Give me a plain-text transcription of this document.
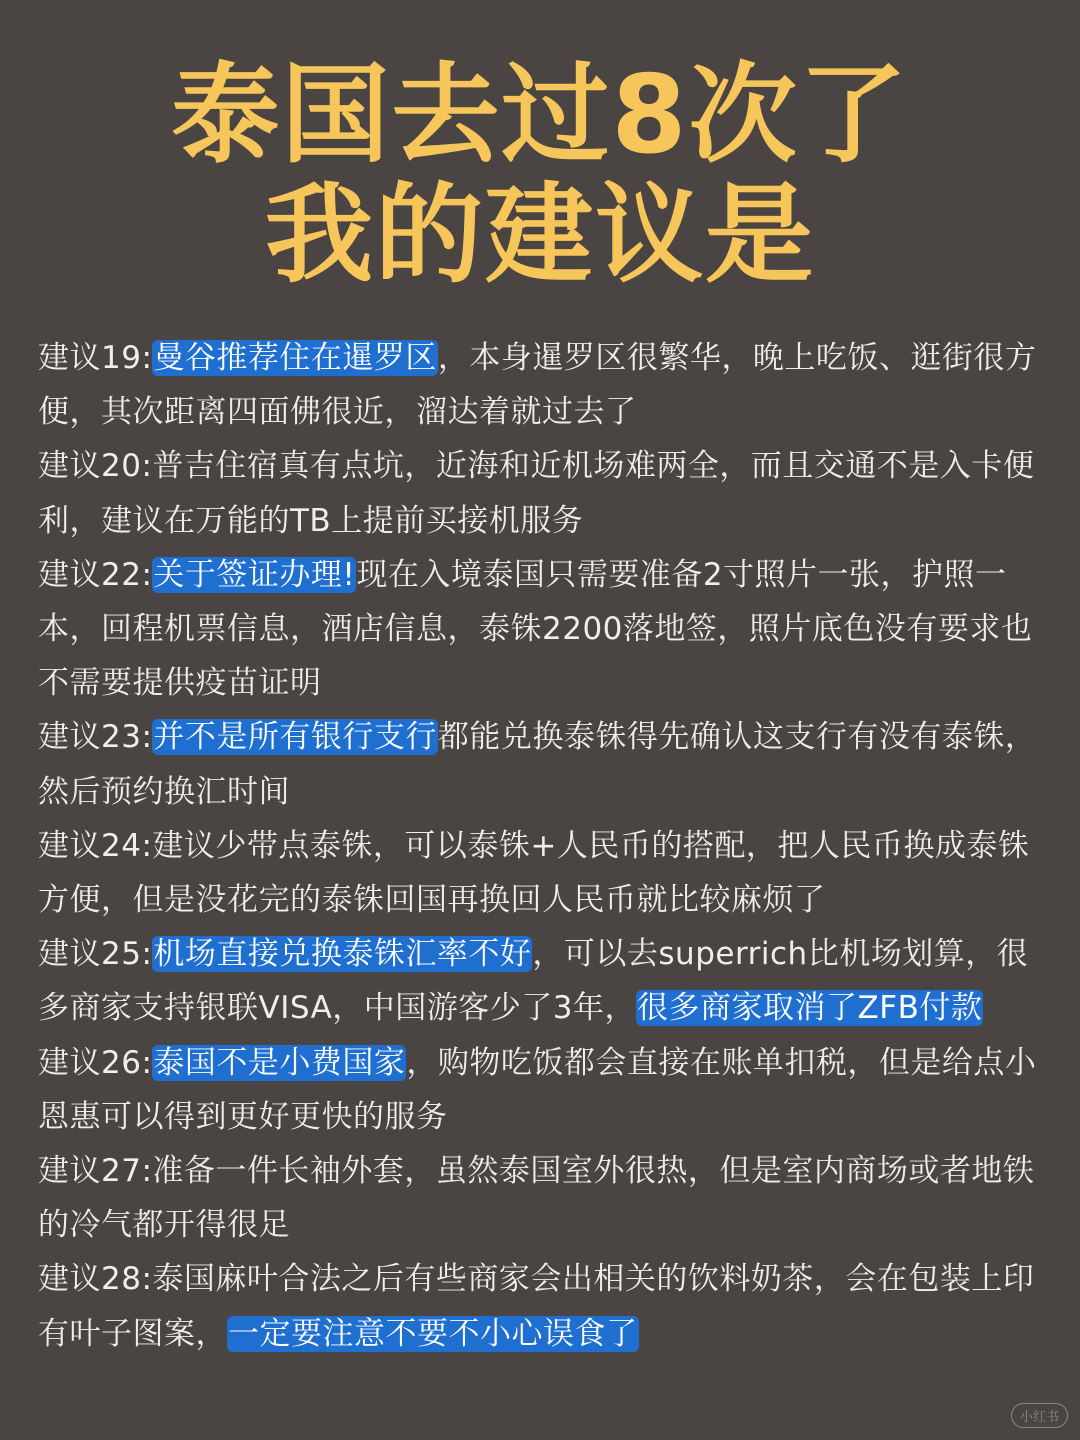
泰国去过8次了
我的建议是

建议19:曼谷推荐住在暹罗区，本身暹罗区很繁华，晚上吃饭、逛街很方便，其次距离四面佛很近，溜达着就过去了

建议20:普吉住宿真有点坑，近海和近机场难两全，而且交通不是入卡便利，建议在万能的TB上提前买接机服务

建议22:关于签证办理!现在入境泰国只需要准备2寸照片一张，护照一本，回程机票信息，酒店信息，泰铢2200落地签，照片底色没有要求也不需要提供疫苗证明

建议23:并不是所有银行支行都能兑换泰铢得先确认这支行有没有泰铢，然后预约换汇时间

建议24:建议少带点泰铢，可以泰铢+人民币的搭配，把人民币换成泰铢方便，但是没花完的泰铢回国再换回人民币就比较麻烦了

建议25:机场直接兑换泰铢汇率不好，可以去superrich比机场划算，很多商家支持银联VISA，中国游客少了3年，很多商家取消了ZFB付款

建议26:泰国不是小费国家，购物吃饭都会直接在账单扣税，但是给点小恩惠可以得到更好更快的服务

建议27:准备一件长袖外套，虽然泰国室外很热，但是室内商场或者地铁的冷气都开得很足

建议28:泰国麻叶合法之后有些商家会出相关的饮料奶茶，会在包装上印有叶子图案，一定要注意不要不小心误食了

小红书
